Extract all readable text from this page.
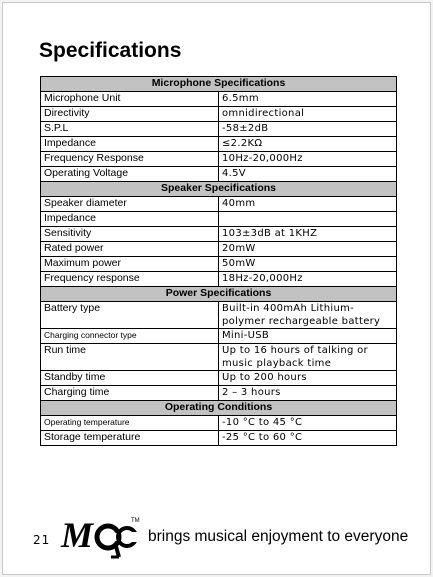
Specifications
Microphone Specifications	
Microphone Unit	6.5mm
Directivity	omnidirectional
S.P.L	-58±2dB
Impedance	≤2.2KΩ
Frequency Response	10Hz-20,000Hz
Operating Voltage	4.5V
Speaker Specifications	
Speaker diameter	40mm
Impedance	
Sensitivity	103±3dB at 1KHZ
Rated power	20mW
Maximum power	50mW
Frequency response	18Hz-20,000Hz
Power Specifications	
Battery type	Built-in 400mAh Lithium-polymer rechargeable battery
Charging connector type	Mini-USB
Run time	Up to 16 hours of talking or music playback time
Standby time	Up to 200 hours
Charging time	2 – 3 hours
Operating Conditions	
Operating temperature	-10 °C to 45 °C
Storage temperature	-25 °C to 60 °C
21 M	TM
brings musical enjoyment to everyone
